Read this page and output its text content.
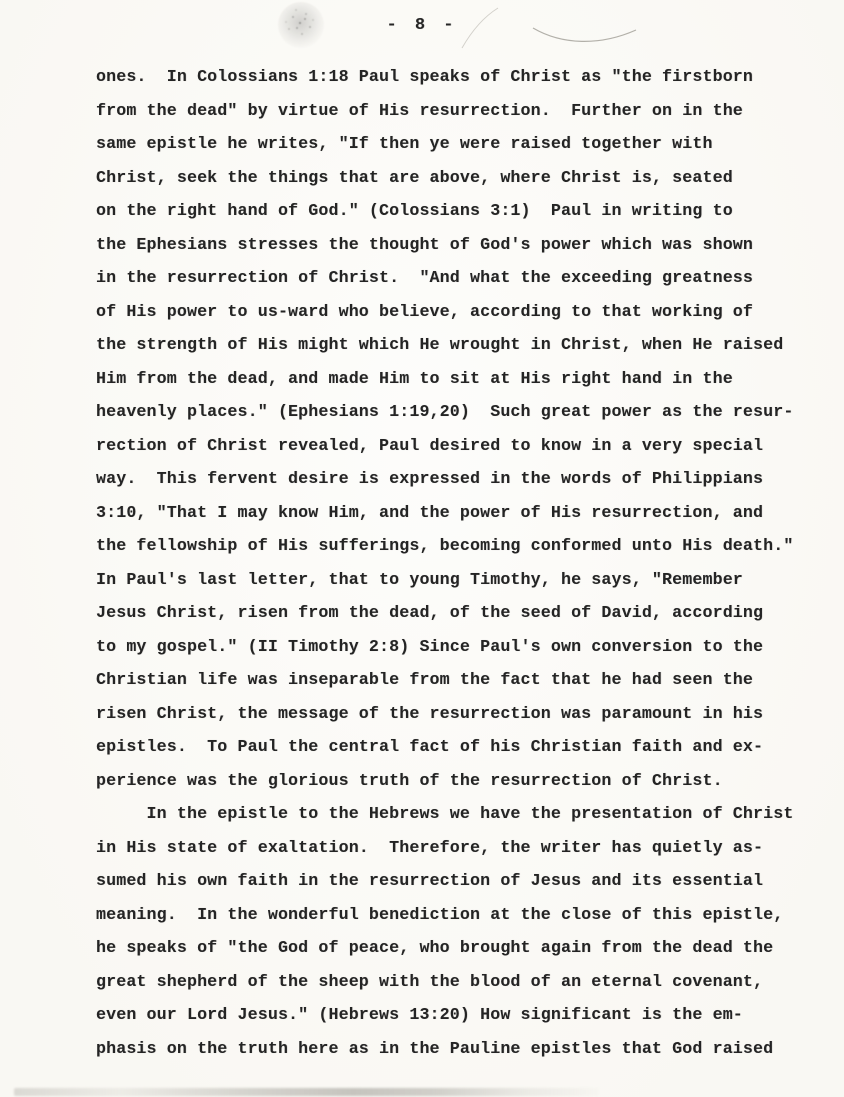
- 8 -
ones.  In Colossians 1:18 Paul speaks of Christ as "the firstborn
from the dead" by virtue of His resurrection.  Further on in the
same epistle he writes, "If then ye were raised together with
Christ, seek the things that are above, where Christ is, seated
on the right hand of God." (Colossians 3:1)  Paul in writing to
the Ephesians stresses the thought of God's power which was shown
in the resurrection of Christ.  "And what the exceeding greatness
of His power to us-ward who believe, according to that working of
the strength of His might which He wrought in Christ, when He raised
Him from the dead, and made Him to sit at His right hand in the
heavenly places." (Ephesians 1:19,20)  Such great power as the resur-
rection of Christ revealed, Paul desired to know in a very special
way.  This fervent desire is expressed in the words of Philippians
3:10, "That I may know Him, and the power of His resurrection, and
the fellowship of His sufferings, becoming conformed unto His death."
In Paul's last letter, that to young Timothy, he says, "Remember
Jesus Christ, risen from the dead, of the seed of David, according
to my gospel." (II Timothy 2:8) Since Paul's own conversion to the
Christian life was inseparable from the fact that he had seen the
risen Christ, the message of the resurrection was paramount in his
epistles.  To Paul the central fact of his Christian faith and ex-
perience was the glorious truth of the resurrection of Christ.
In the epistle to the Hebrews we have the presentation of Christ
in His state of exaltation.  Therefore, the writer has quietly as-
sumed his own faith in the resurrection of Jesus and its essential
meaning.  In the wonderful benediction at the close of this epistle,
he speaks of "the God of peace, who brought again from the dead the
great shepherd of the sheep with the blood of an eternal covenant,
even our Lord Jesus." (Hebrews 13:20) How significant is the em-
phasis on the truth here as in the Pauline epistles that God raised
